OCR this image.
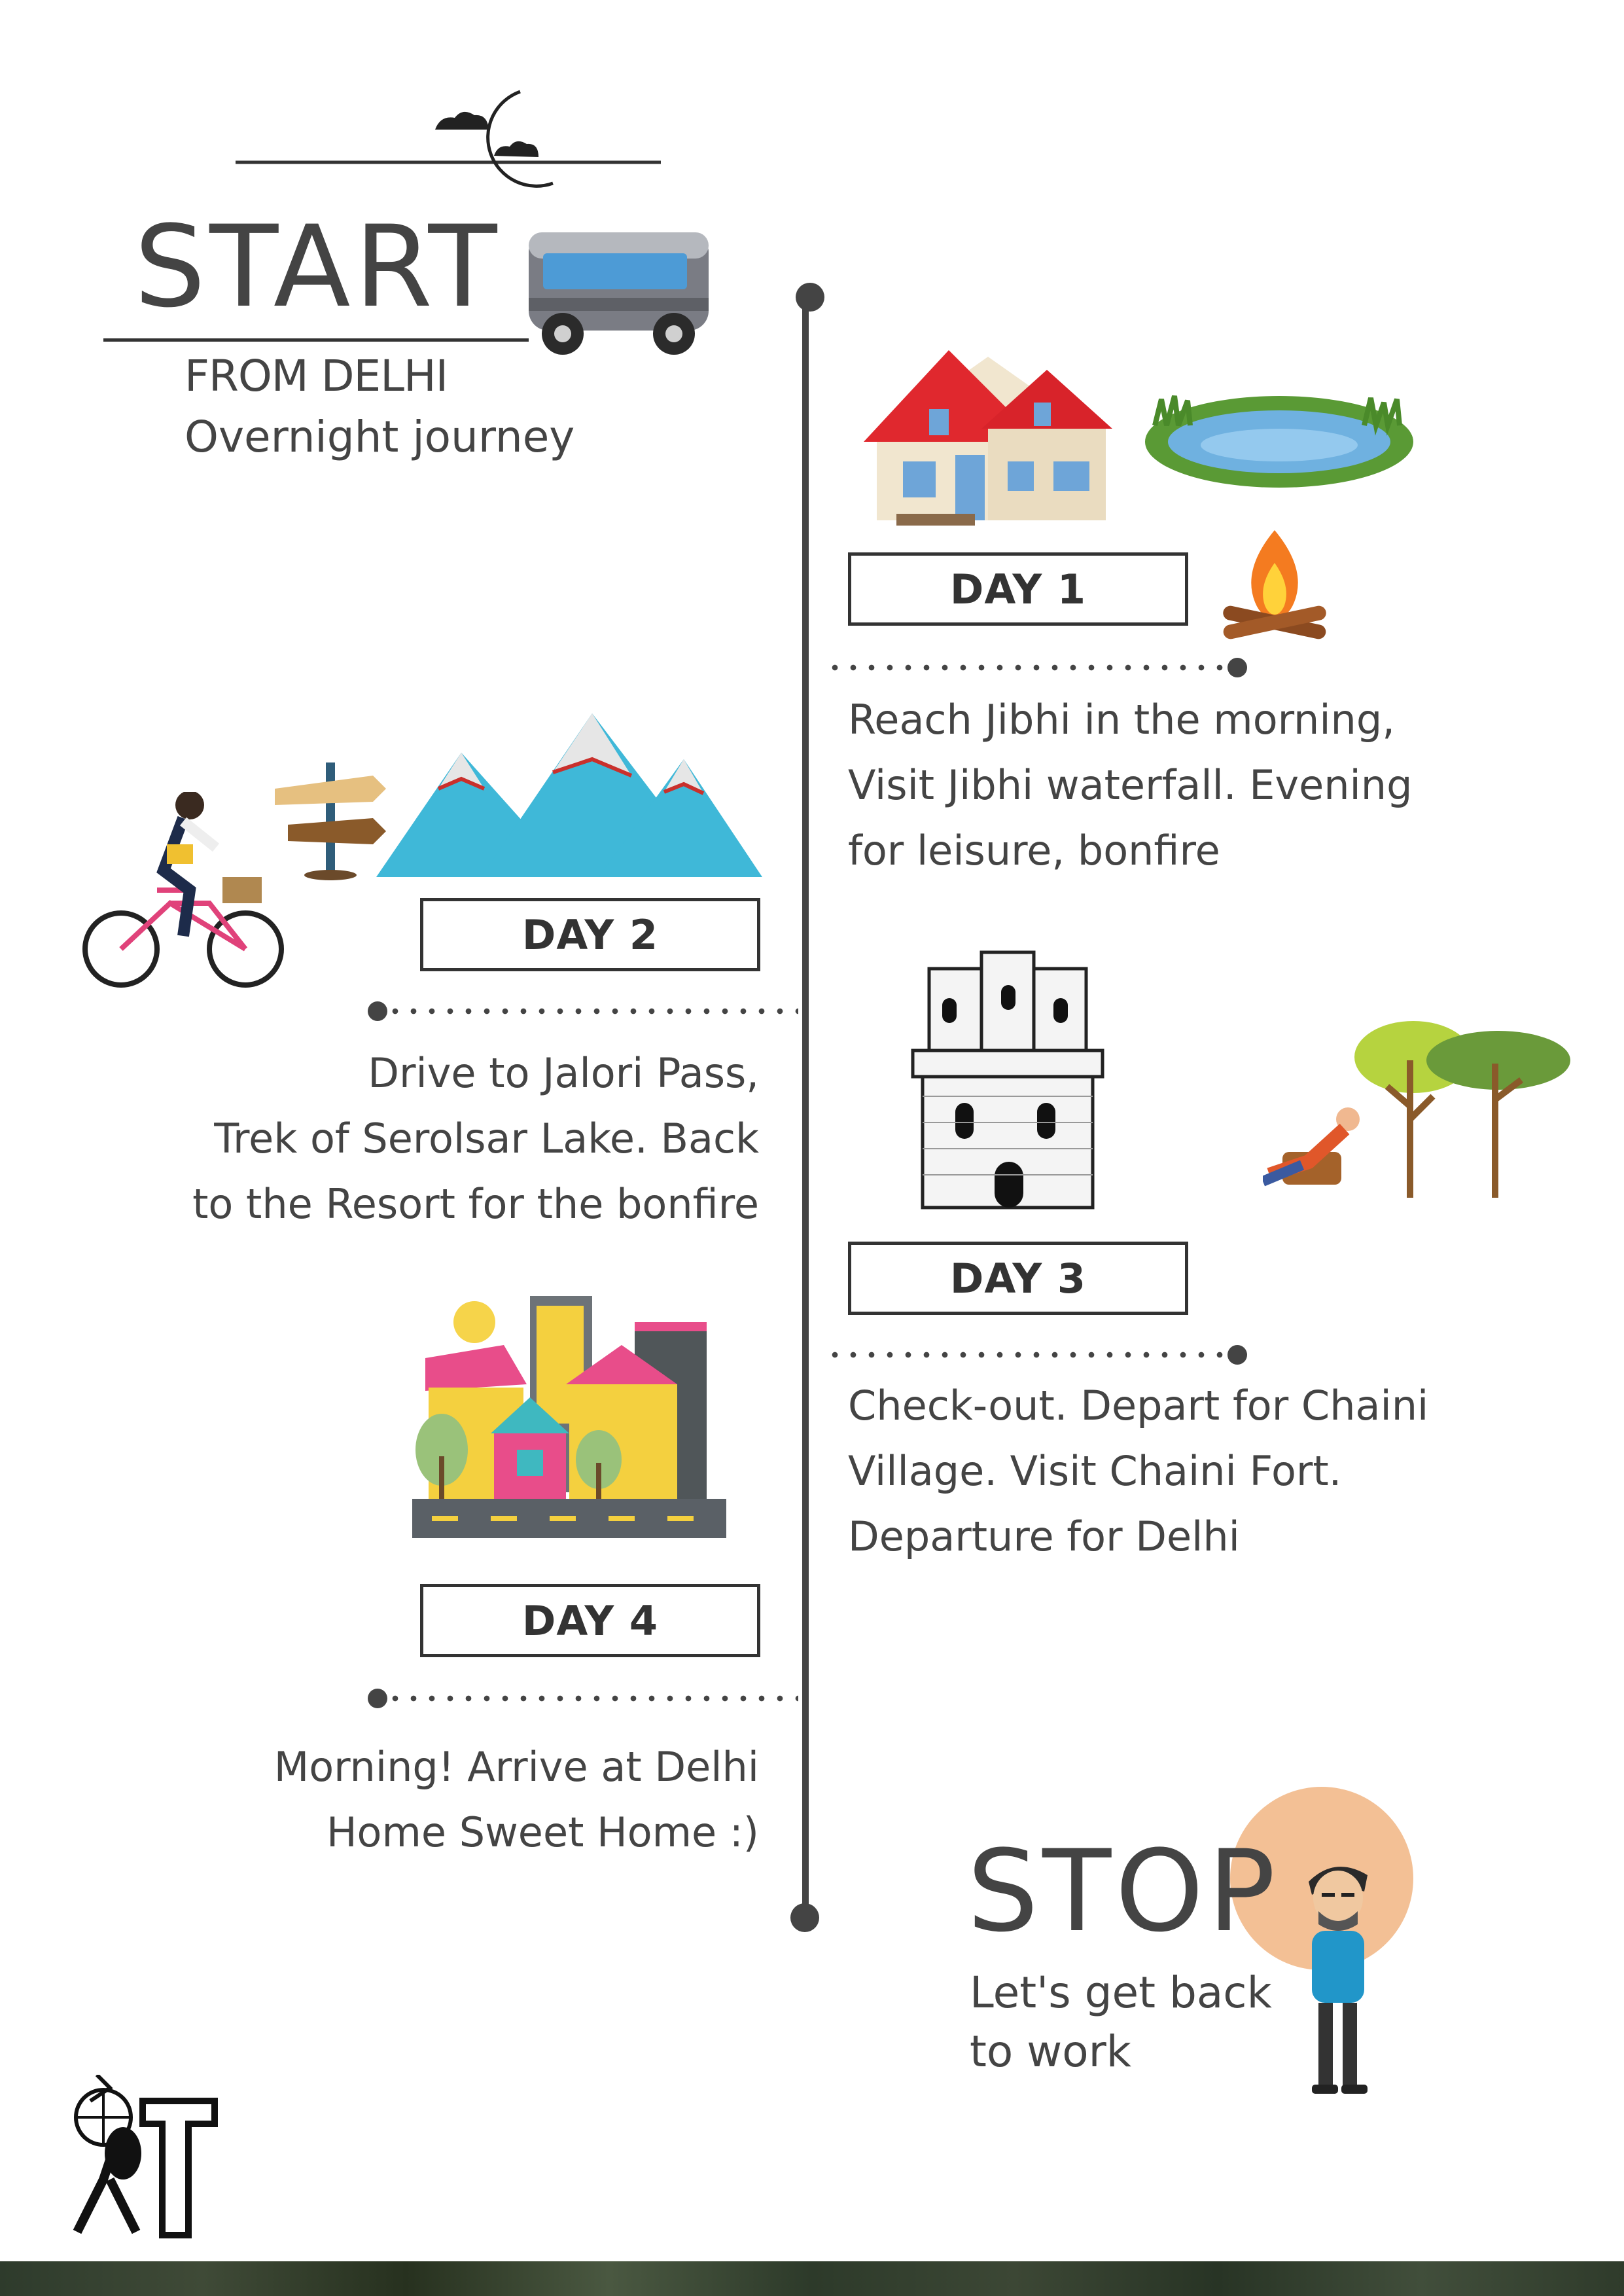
START
FROM DELHI
Overnight journey
DAY 1
Reach Jibhi in the morning,
Visit Jibhi waterfall. Evening
for leisure, bonfire
DAY 2
Drive to Jalori Pass,
Trek of Serolsar Lake. Back
to the Resort for the bonfire
DAY 3
Check-out. Depart for Chaini
Village. Visit Chaini Fort.
Departure for Delhi
DAY 4
Morning! Arrive at Delhi
Home Sweet Home :) STOP
Let's get back
to work
